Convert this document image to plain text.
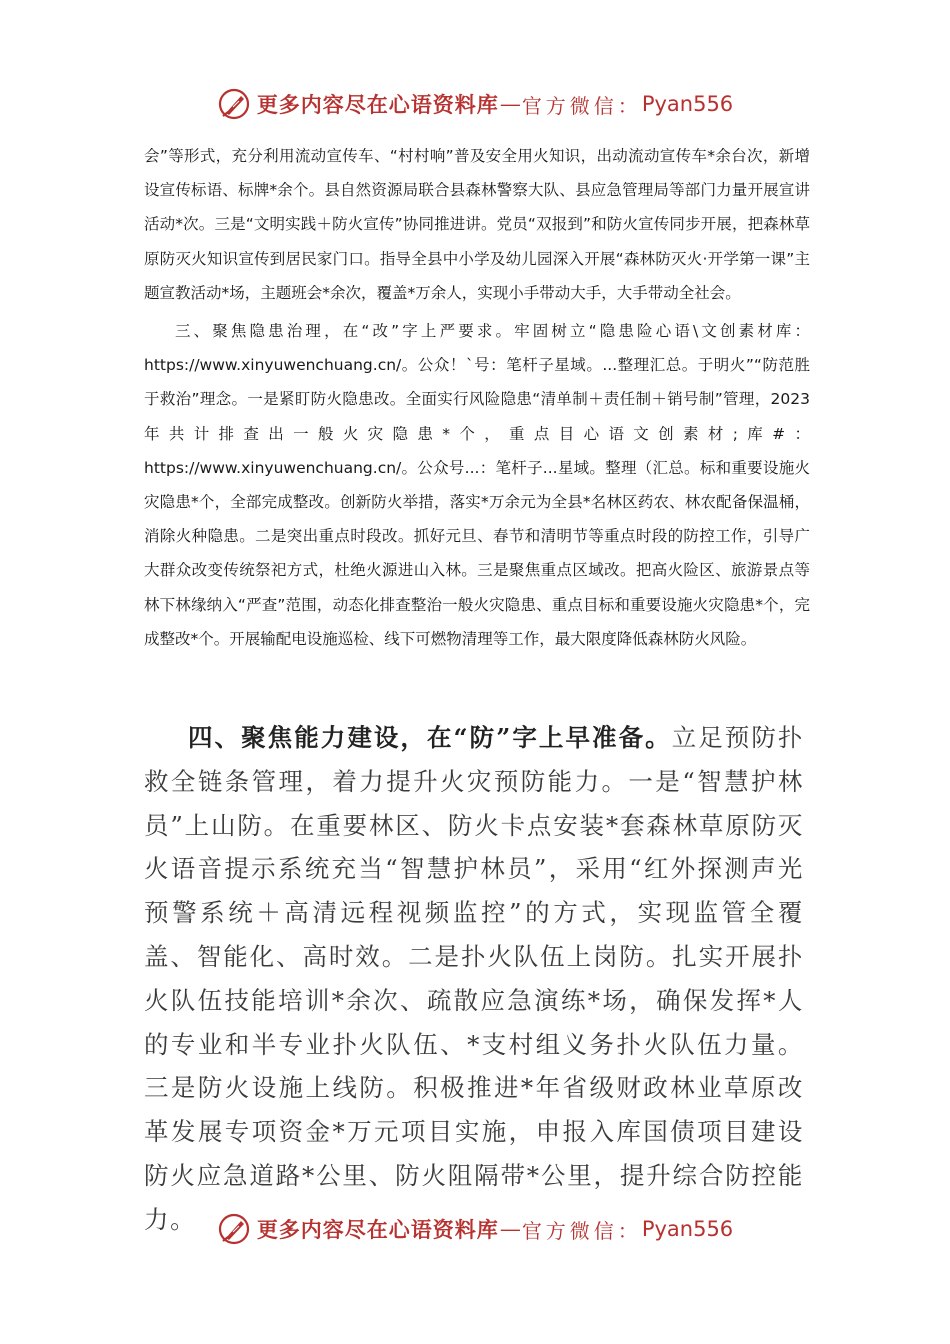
更多内容尽在心语资料库 — 官方微信： Pyan556

会”等形式，充分利用流动宣传车、“村村响”普及安全用火知识，出动流动宣传车*余台次，新增设宣传标语、标牌*余个。县自然资源局联合县森林警察大队、县应急管理局等部门力量开展宣讲活动*次。三是“文明实践＋防火宣传”协同推进讲。党员“双报到”和防火宣传同步开展，把森林草原防灭火知识宣传到居民家门口。指导全县中小学及幼儿园深入开展“森林防灭火·开学第一课”主题宣教活动*场，主题班会*余次，覆盖*万余人，实现小手带动大手，大手带动全社会。

三、聚焦隐患治理，在“改”字上严要求。牢固树立“隐患险心语\文创素材库：https://www.xinyuwenchuang.cn/。公众！`号：笔杆子星域。...整理汇总。于明火”“防范胜于救治”理念。一是紧盯防火隐患改。全面实行风险隐患“清单制＋责任制＋销号制”管理，2023年共计排查出一般火灾隐患*个，重点目心语文创素材;库#：https://www.xinyuwenchuang.cn/。公众号...：笔杆子...星域。整理（汇总。标和重要设施火灾隐患*个，全部完成整改。创新防火举措，落实*万余元为全县*名林区药农、林农配备保温桶，消除火种隐患。二是突出重点时段改。抓好元旦、春节和清明节等重点时段的防控工作，引导广大群众改变传统祭祀方式，杜绝火源进山入林。三是聚焦重点区域改。把高火险区、旅游景点等林下林缘纳入“严查”范围，动态化排查整治一般火灾隐患、重点目标和重要设施火灾隐患*个，完成整改*个。开展输配电设施巡检、线下可燃物清理等工作，最大限度降低森林防火风险。

四、聚焦能力建设，在“防”字上早准备。立足预防扑救全链条管理，着力提升火灾预防能力。一是“智慧护林员”上山防。在重要林区、防火卡点安装*套森林草原防灭火语音提示系统充当“智慧护林员”，采用“红外探测声光预警系统＋高清远程视频监控”的方式，实现监管全覆盖、智能化、高时效。二是扑火队伍上岗防。扎实开展扑火队伍技能培训*余次、疏散应急演练*场，确保发挥*人的专业和半专业扑火队伍、*支村组义务扑火队伍力量。三是防火设施上线防。积极推进*年省级财政林业草原改革发展专项资金*万元项目实施，申报入库国债项目建设防火应急道路*公里、防火阻隔带*公里，提升综合防控能力。	更多内容尽在心语资料库 — 官方微信： Pyan556
